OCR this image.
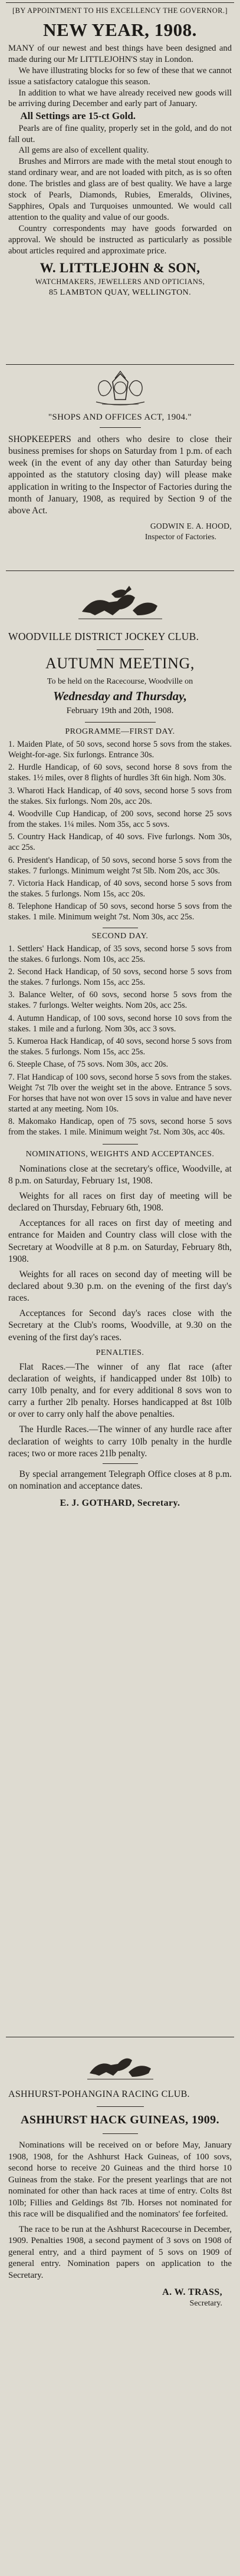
[BY APPOINTMENT TO HIS EXCELLENCY THE GOVERNOR.]
NEW YEAR, 1908.

MANY of our newest and best things have been designed and made during our Mr LITTLEJOHN'S stay in London.

We have illustrating blocks for so few of these that we cannot issue a satisfactory catalogue this season.

In addition to what we have already received new goods will be arriving during December and early part of January.

All Settings are 15-ct Gold.

Pearls are of fine quality, properly set in the gold, and do not fall out.

All gems are also of excellent quality.

Brushes and Mirrors are made with the metal stout enough to stand ordinary wear, and are not loaded with pitch, as is so often done. The bristles and glass are of best quality. We have a large stock of Pearls, Diamonds, Rubies, Emeralds, Olivines, Sapphires, Opals and Turquoises unmounted. We would call attention to the quality and value of our goods.

Country correspondents may have goods forwarded on approval. We should be instructed as particularly as possible about articles required and approximate price.

W. LITTLEJOHN & SON,
WATCHMAKERS, JEWELLERS AND OPTICIANS,
85 LAMBTON QUAY, WELLINGTON.
"SHOPS AND OFFICES ACT, 1904."

SHOPKEEPERS and others who desire to close their business premises for shops on Saturday from 1 p.m. of each week (in the event of any day other than Saturday being appointed as the statutory closing day) will please make application in writing to the Inspector of Factories during the month of January, 1908, as required by Section 9 of the above Act.

GODWIN E. A. HOOD,
Inspector of Factories.
WOODVILLE DISTRICT JOCKEY CLUB.
AUTUMN MEETING,
To be held on the Racecourse, Woodville on
Wednesday and Thursday,
February 19th and 20th, 1908.
PROGRAMME—FIRST DAY.
1. Maiden Plate, of 50 sovs, second horse 5 sovs from the stakes. Weight-for-age. Six furlongs. Entrance 30s.
2. Hurdle Handicap, of 60 sovs, second horse 8 sovs from the stakes. 1½ miles, over 8 flights of hurdles 3ft 6in high. Nom 30s.
3. Wharoti Hack Handicap, of 40 sovs, second horse 5 sovs from the stakes. Six furlongs. Nom 20s, acc 20s.
4. Woodville Cup Handicap, of 200 sovs, second horse 25 sovs from the stakes. 1¼ miles. Nom 35s, acc 5 sovs.
5. Country Hack Handicap, of 40 sovs. Five furlongs. Nom 30s, acc 25s.
6. President's Handicap, of 50 sovs, second horse 5 sovs from the stakes. 7 furlongs. Minimum weight 7st 5lb. Nom 20s, acc 30s.
7. Victoria Hack Handicap, of 40 sovs, second horse 5 sovs from the stakes. 5 furlongs. Nom 15s, acc 20s.
8. Telephone Handicap of 50 sovs, second horse 5 sovs from the stakes. 1 mile. Minimum weight 7st. Nom 30s, acc 25s.
SECOND DAY.
1. Settlers' Hack Handicap, of 35 sovs, second horse 5 sovs from the stakes. 6 furlongs. Nom 10s, acc 25s.
2. Second Hack Handicap, of 50 sovs, second horse 5 sovs from the stakes. 7 furlongs. Nom 15s, acc 25s.
3. Balance Welter, of 60 sovs, second horse 5 sovs from the stakes. 7 furlongs. Welter weights. Nom 20s, acc 25s.
4. Autumn Handicap, of 100 sovs, second horse 10 sovs from the stakes. 1 mile and a furlong. Nom 30s, acc 3 sovs.
5. Kumeroa Hack Handicap, of 40 sovs, second horse 5 sovs from the stakes. 5 furlongs. Nom 15s, acc 25s.
6. Steeple Chase, of 75 sovs. Nom 30s, acc 20s.
7. Flat Handicap of 100 sovs, second horse 5 sovs from the stakes. Weight 7st 7lb over the weight set in the above. Entrance 5 sovs. For horses that have not won over 15 sovs in value and have never started at any meeting. Nom 10s.
8. Makomako Handicap, open of 75 sovs, second horse 5 sovs from the stakes. 1 mile. Minimum weight 7st. Nom 30s, acc 40s.
NOMINATIONS, WEIGHTS AND ACCEPTANCES.

Nominations close at the secretary's office, Woodville, at 8 p.m. on Saturday, February 1st, 1908.

Weights for all races on first day of meeting will be declared on Thursday, February 6th, 1908.

Acceptances for all races on first day of meeting and entrance for Maiden and Country class will close with the Secretary at Woodville at 8 p.m. on Saturday, February 8th, 1908.

Weights for all races on second day of meeting will be declared about 9.30 p.m. on the evening of the first day's races.

Acceptances for Second day's races close with the Secretary at the Club's rooms, Woodville, at 9.30 on the evening of the first day's races.

PENALTIES.

Flat Races.—The winner of any flat race (after declaration of weights, if handicapped under 8st 10lb) to carry 10lb penalty, and for every additional 8 sovs won to carry a further 2lb penalty. Horses handicapped at 8st 10lb or over to carry only half the above penalties.

The Hurdle Races.—The winner of any hurdle race after declaration of weights to carry 10lb penalty in the hurdle races; two or more races 21lb penalty.

By special arrangement Telegraph Office closes at 8 p.m. on nomination and acceptance dates.

E. J. GOTHARD, Secretary.
ASHHURST-POHANGINA RACING CLUB.
ASHHURST HACK GUINEAS, 1909.

Nominations will be received on or before May, January 1908, 1908, for the Ashhurst Hack Guineas, of 100 sovs, second horse to receive 20 Guineas and the third horse 10 Guineas from the stake. For the present yearlings that are not nominated for other than hack races at time of entry. Colts 8st 10lb; Fillies and Geldings 8st 7lb. Horses not nominated for this race will be disqualified and the nominators' fee forfeited.

The race to be run at the Ashhurst Racecourse in December, 1909. Penalties 1908, a second payment of 3 sovs on 1908 of general entry, and a third payment of 5 sovs on 1909 of general entry. Nomination papers on application to the Secretary.

A. W. TRASS,
Secretary.
